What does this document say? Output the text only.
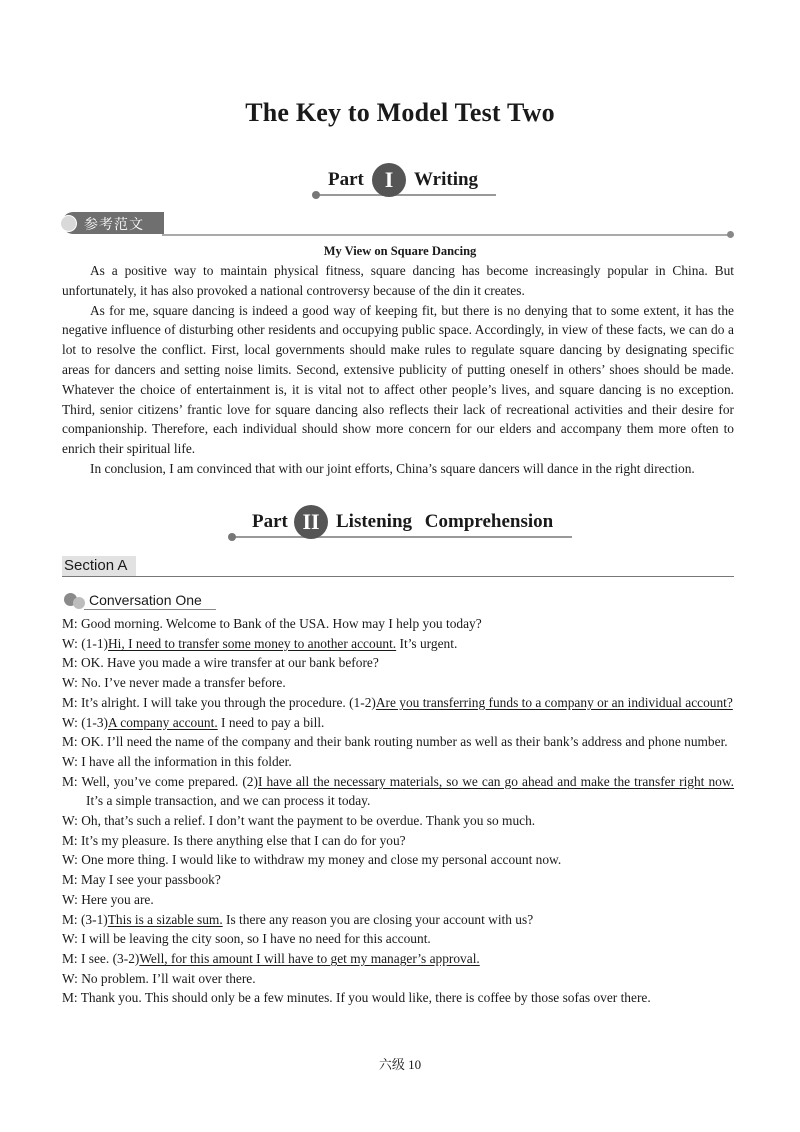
The Key to Model Test Two
Part I	Writing
参考范文
My View on Square Dancing

As a positive way to maintain physical fitness, square dancing has become increasingly popular in China. But unfortunately, it has also provoked a national controversy because of the din it creates.

As for me, square dancing is indeed a good way of keeping fit, but there is no denying that to some extent, it has the negative influence of disturbing other residents and occupying public space. Accordingly, in view of these facts, we can do a lot to resolve the conflict. First, local governments should make rules to regulate square dancing by designating specific areas for dancers and setting noise limits. Second, extensive publicity of putting oneself in others’ shoes should be made. Whatever the choice of entertainment is, it is vital not to affect other people’s lives, and square dancing is no exception. Third, senior citizens’ frantic love for square dancing also reflects their lack of recreational activities and their desire for companionship. Therefore, each individual should show more concern for our elders and accompany them more often to enrich their spiritual life.

In conclusion, I am convinced that with our joint efforts, China’s square dancers will dance in the right direction.

Part II Listening Comprehension
Section A
Conversation One

M: Good morning. Welcome to Bank of the USA. How may I help you today?

W: (1-1)Hi, I need to transfer some money to another account. It’s urgent.

M: OK. Have you made a wire transfer at our bank before?

W: No. I’ve never made a transfer before.

M: It’s alright. I will take you through the procedure. (1-2)Are you transferring funds to a company or an individual account?

W: (1-3)A company account. I need to pay a bill.

M: OK. I’ll need the name of the company and their bank routing number as well as their bank’s address and phone number.

W: I have all the information in this folder.

M: Well, you’ve come prepared. (2)I have all the necessary materials, so we can go ahead and make the transfer right now. It’s a simple transaction, and we can process it today.

W: Oh, that’s such a relief. I don’t want the payment to be overdue. Thank you so much.

M: It’s my pleasure. Is there anything else that I can do for you?

W: One more thing. I would like to withdraw my money and close my personal account now.

M: May I see your passbook?

W: Here you are.

M: (3-1)This is a sizable sum. Is there any reason you are closing your account with us?

W: I will be leaving the city soon, so I have no need for this account.

M: I see. (3-2)Well, for this amount I will have to get my manager’s approval.

W: No problem. I’ll wait over there.

M: Thank you. This should only be a few minutes. If you would like, there is coffee by those sofas over there.

六级 10
